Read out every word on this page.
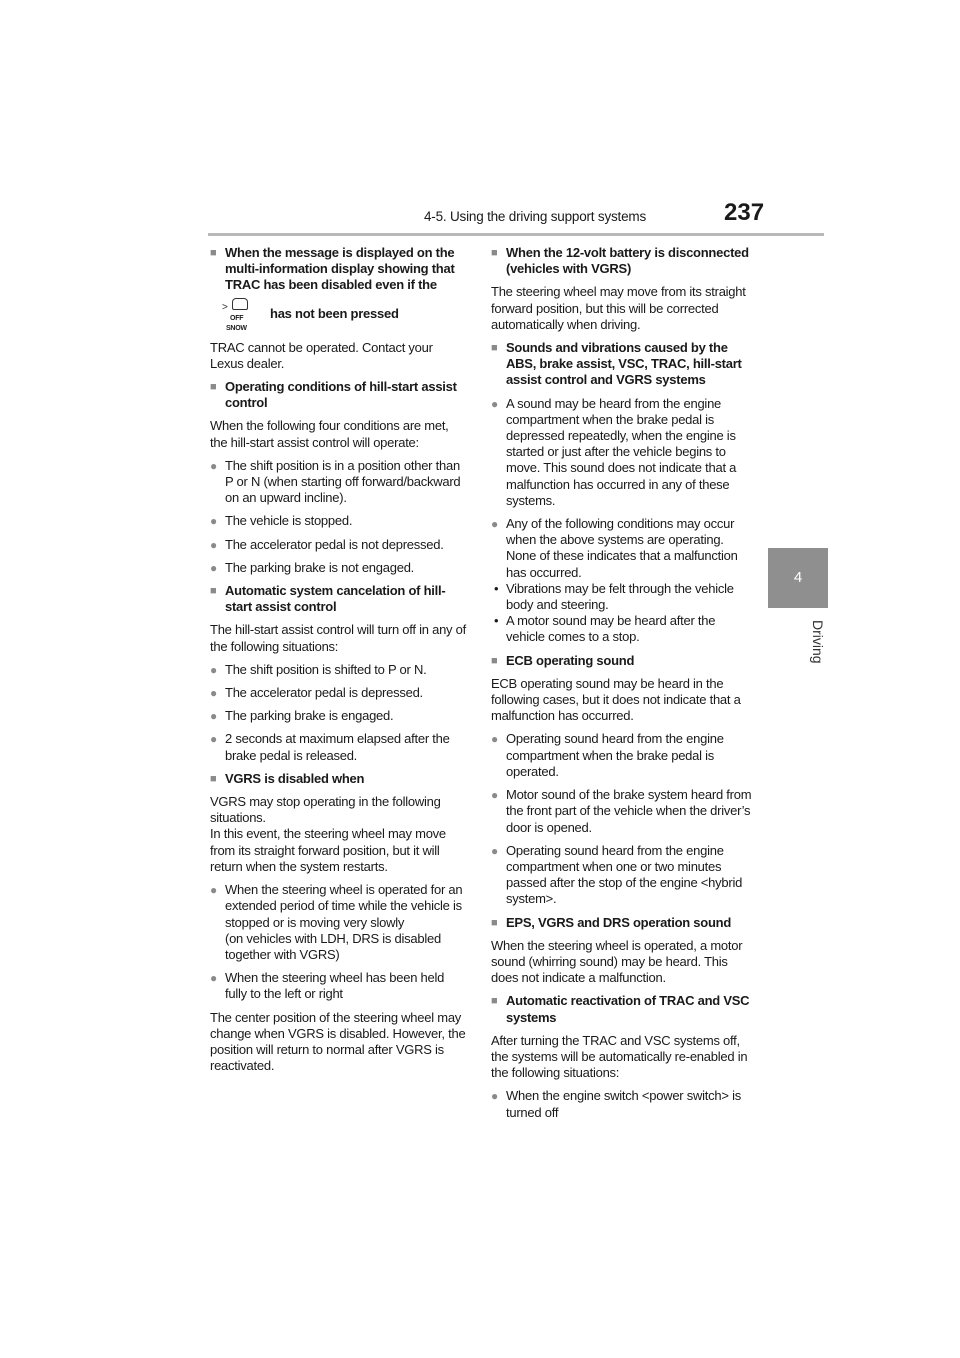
4-5. Using the driving support systems	237
4
Driving
■ When the message is displayed on the multi-information display showing that TRAC has been disabled even if the
>
OFF
SNOW
has not been pressed
TRAC cannot be operated. Contact your Lexus dealer.
■ Operating conditions of hill-start assist control
When the following four conditions are met, the hill-start assist control will operate:
● The shift position is in a position other than P or N (when starting off forward/backward on an upward incline).
● The vehicle is stopped.
● The accelerator pedal is not depressed.
● The parking brake is not engaged.
■ Automatic system cancelation of hill-start assist control
The hill-start assist control will turn off in any of the following situations:
● The shift position is shifted to P or N.
● The accelerator pedal is depressed.
● The parking brake is engaged.
● 2 seconds at maximum elapsed after the brake pedal is released.
■ VGRS is disabled when
VGRS may stop operating in the following situations.
In this event, the steering wheel may move from its straight forward position, but it will return when the system restarts.
● When the steering wheel is operated for an extended period of time while the vehicle is stopped or is moving very slowly
(on vehicles with LDH, DRS is disabled together with VGRS)
● When the steering wheel has been held fully to the left or right
The center position of the steering wheel may change when VGRS is disabled. However, the position will return to normal after VGRS is reactivated.
■ When the 12-volt battery is disconnected (vehicles with VGRS)
The steering wheel may move from its straight forward position, but this will be corrected automatically when driving.
■ Sounds and vibrations caused by the ABS, brake assist, VSC, TRAC, hill-start assist control and VGRS systems
● A sound may be heard from the engine compartment when the brake pedal is depressed repeatedly, when the engine is started or just after the vehicle begins to move. This sound does not indicate that a malfunction has occurred in any of these systems.
● Any of the following conditions may occur when the above systems are operating. None of these indicates that a malfunction has occurred.
• Vibrations may be felt through the vehicle body and steering.
• A motor sound may be heard after the vehicle comes to a stop.
■ ECB operating sound
ECB operating sound may be heard in the following cases, but it does not indicate that a malfunction has occurred.
● Operating sound heard from the engine compartment when the brake pedal is operated.
● Motor sound of the brake system heard from the front part of the vehicle when the driver’s door is opened.
● Operating sound heard from the engine compartment when one or two minutes passed after the stop of the engine <hybrid system>.
■ EPS, VGRS and DRS operation sound
When the steering wheel is operated, a motor sound (whirring sound) may be heard. This does not indicate a malfunction.
■ Automatic reactivation of TRAC and VSC systems
After turning the TRAC and VSC systems off, the systems will be automatically re-enabled in the following situations:
● When the engine switch <power switch> is turned off
